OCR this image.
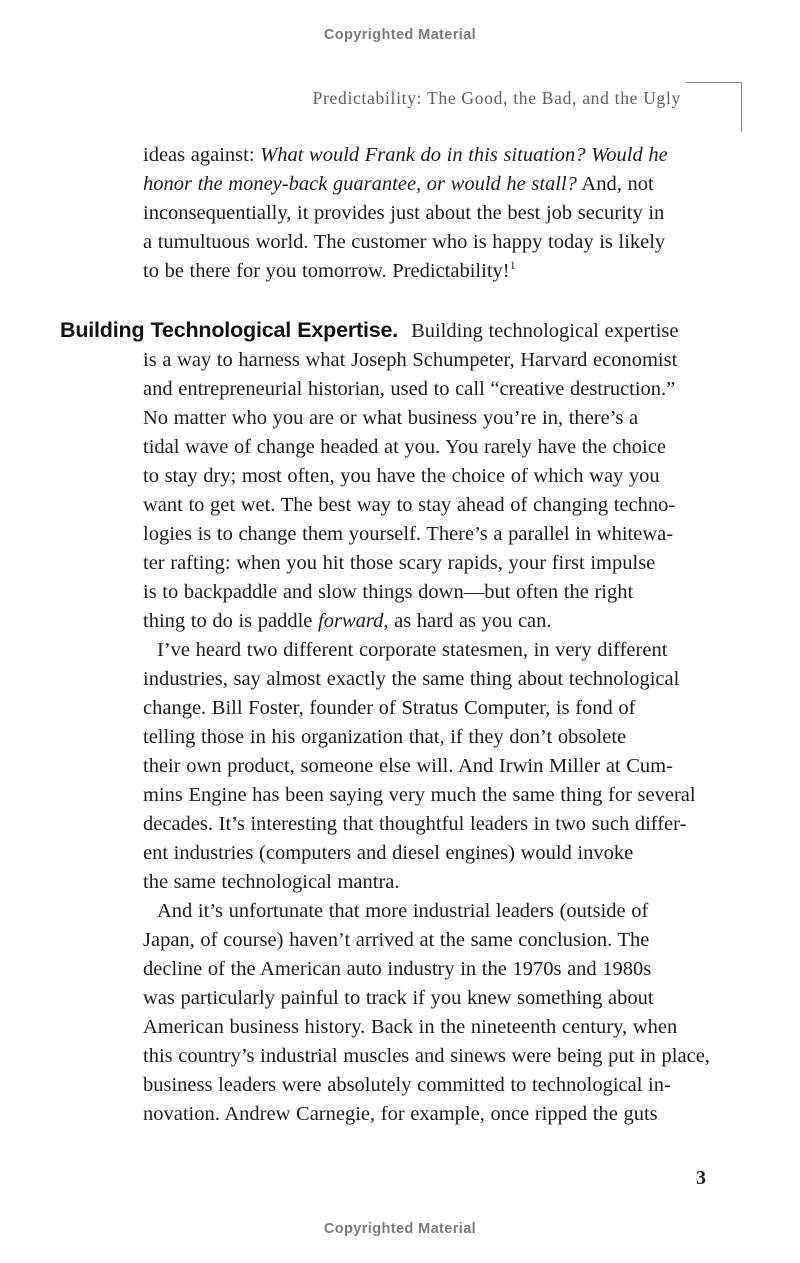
Copyrighted Material
Predictability: The Good, the Bad, and the Ugly
ideas against: What would Frank do in this situation? Would he
honor the money-back guarantee, or would he stall? And, not
inconsequentially, it provides just about the best job security in
a tumultuous world. The customer who is happy today is likely
to be there for you tomorrow. Predictability!$^1$
Building Technological Expertise. Building technological expertise
is a way to harness what Joseph Schumpeter, Harvard economist
and entrepreneurial historian, used to call “creative destruction.”
No matter who you are or what business you’re in, there’s a
tidal wave of change headed at you. You rarely have the choice
to stay dry; most often, you have the choice of which way you
want to get wet. The best way to stay ahead of changing techno-
logies is to change them yourself. There’s a parallel in whitewa-
ter rafting: when you hit those scary rapids, your first impulse
is to backpaddle and slow things down—but often the right
thing to do is paddle forward, as hard as you can.
I’ve heard two different corporate statesmen, in very different
industries, say almost exactly the same thing about technological
change. Bill Foster, founder of Stratus Computer, is fond of
telling those in his organization that, if they don’t obsolete
their own product, someone else will. And Irwin Miller at Cum-
mins Engine has been saying very much the same thing for several
decades. It’s interesting that thoughtful leaders in two such differ-
ent industries (computers and diesel engines) would invoke
the same technological mantra.
And it’s unfortunate that more industrial leaders (outside of
Japan, of course) haven’t arrived at the same conclusion. The
decline of the American auto industry in the 1970s and 1980s
was particularly painful to track if you knew something about
American business history. Back in the nineteenth century, when
this country’s industrial muscles and sinews were being put in place,
business leaders were absolutely committed to technological in-
novation. Andrew Carnegie, for example, once ripped the guts
3
Copyrighted Material
